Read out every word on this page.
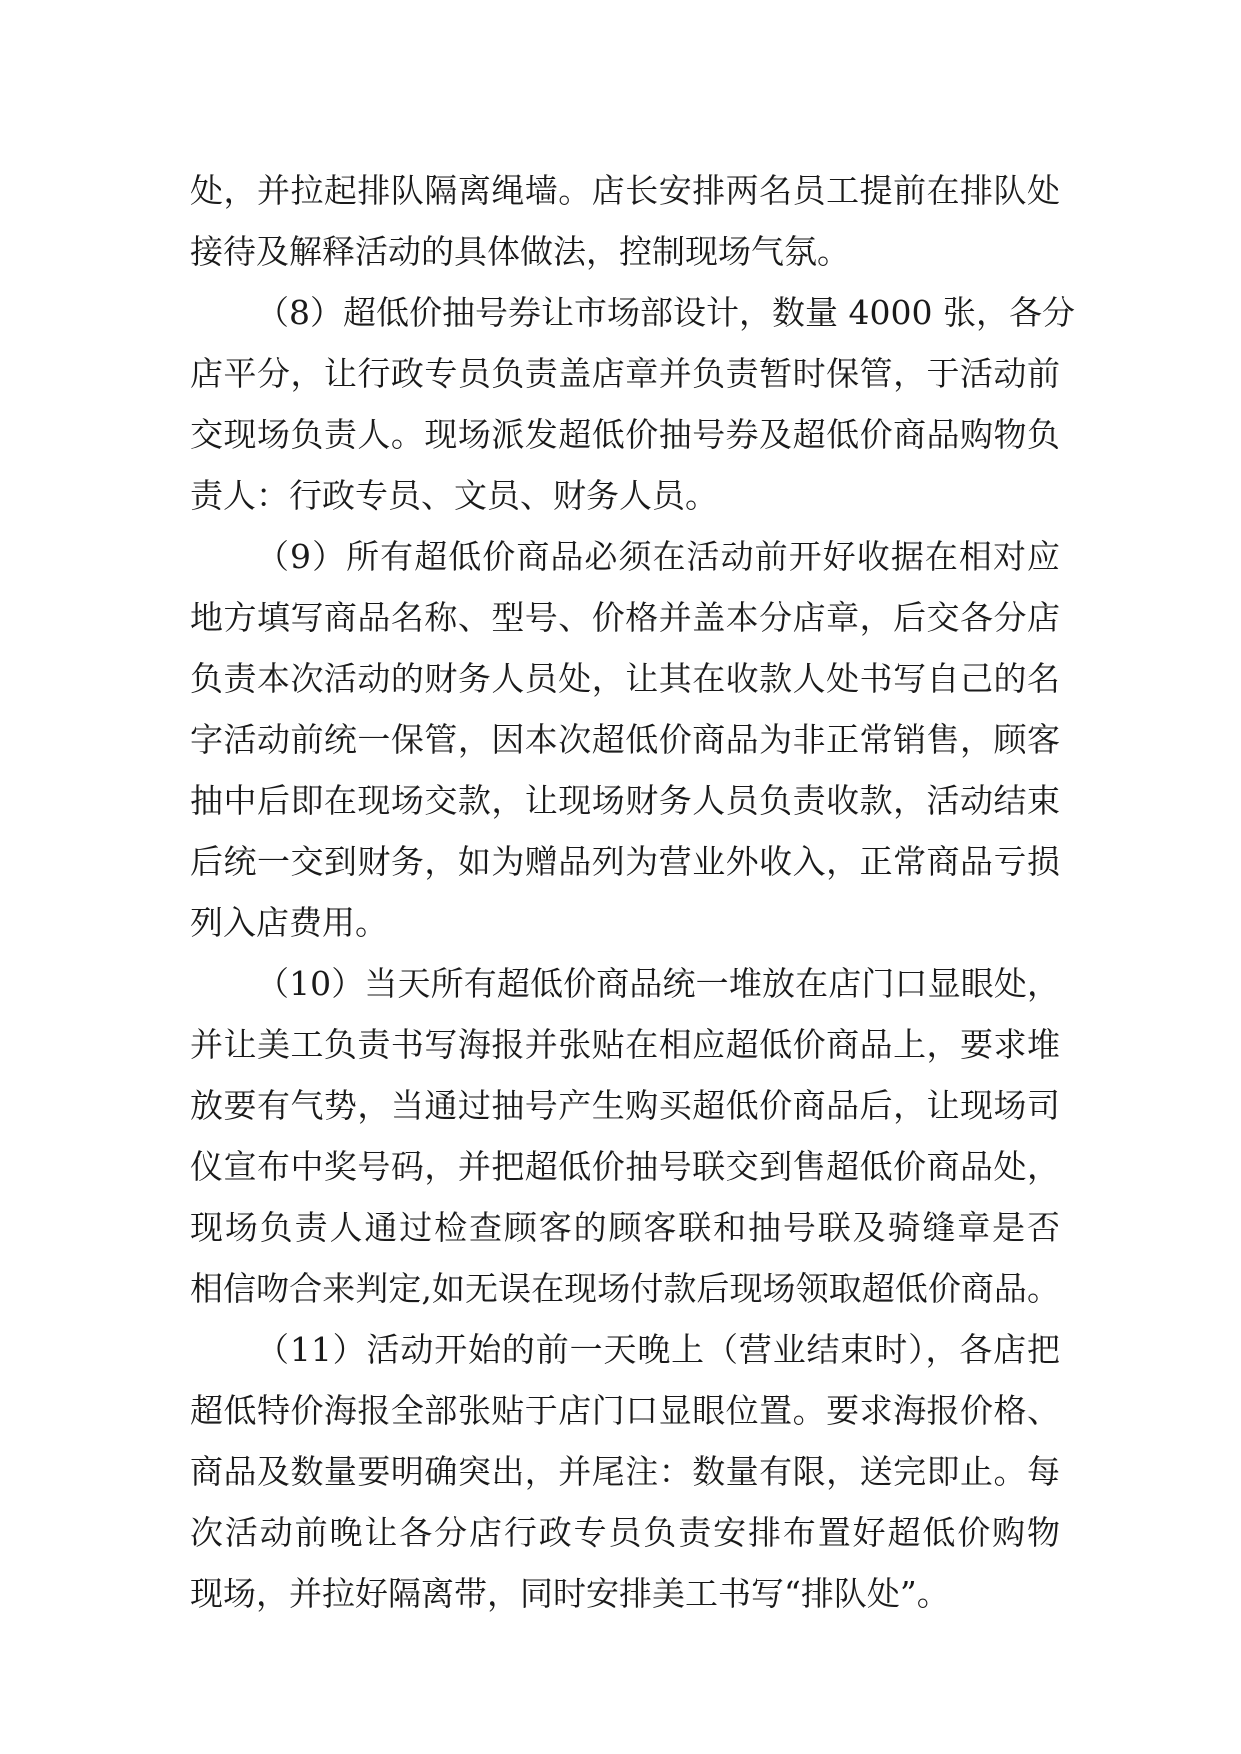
处，并拉起排队隔离绳墙。店长安排两名员工提前在排队处
接待及解释活动的具体做法，控制现场气氛。
（8）超低价抽号券让市场部设计，数量 4000 张，各分
店平分，让行政专员负责盖店章并负责暂时保管，于活动前
交现场负责人。现场派发超低价抽号券及超低价商品购物负
责人：行政专员、文员、财务人员。
（9）所有超低价商品必须在活动前开好收据在相对应
地方填写商品名称、型号、价格并盖本分店章，后交各分店
负责本次活动的财务人员处，让其在收款人处书写自己的名
字活动前统一保管，因本次超低价商品为非正常销售，顾客
抽中后即在现场交款，让现场财务人员负责收款，活动结束
后统一交到财务，如为赠品列为营业外收入，正常商品亏损
列入店费用。
（10）当天所有超低价商品统一堆放在店门口显眼处，
并让美工负责书写海报并张贴在相应超低价商品上，要求堆
放要有气势，当通过抽号产生购买超低价商品后，让现场司
仪宣布中奖号码，并把超低价抽号联交到售超低价商品处，
现场负责人通过检查顾客的顾客联和抽号联及骑缝章是否
相信吻合来判定,如无误在现场付款后现场领取超低价商品。
（11）活动开始的前一天晚上（营业结束时），各店把
超低特价海报全部张贴于店门口显眼位置。要求海报价格、
商品及数量要明确突出，并尾注：数量有限，送完即止。每
次活动前晚让各分店行政专员负责安排布置好超低价购物
现场，并拉好隔离带，同时安排美工书写“排队处”。
